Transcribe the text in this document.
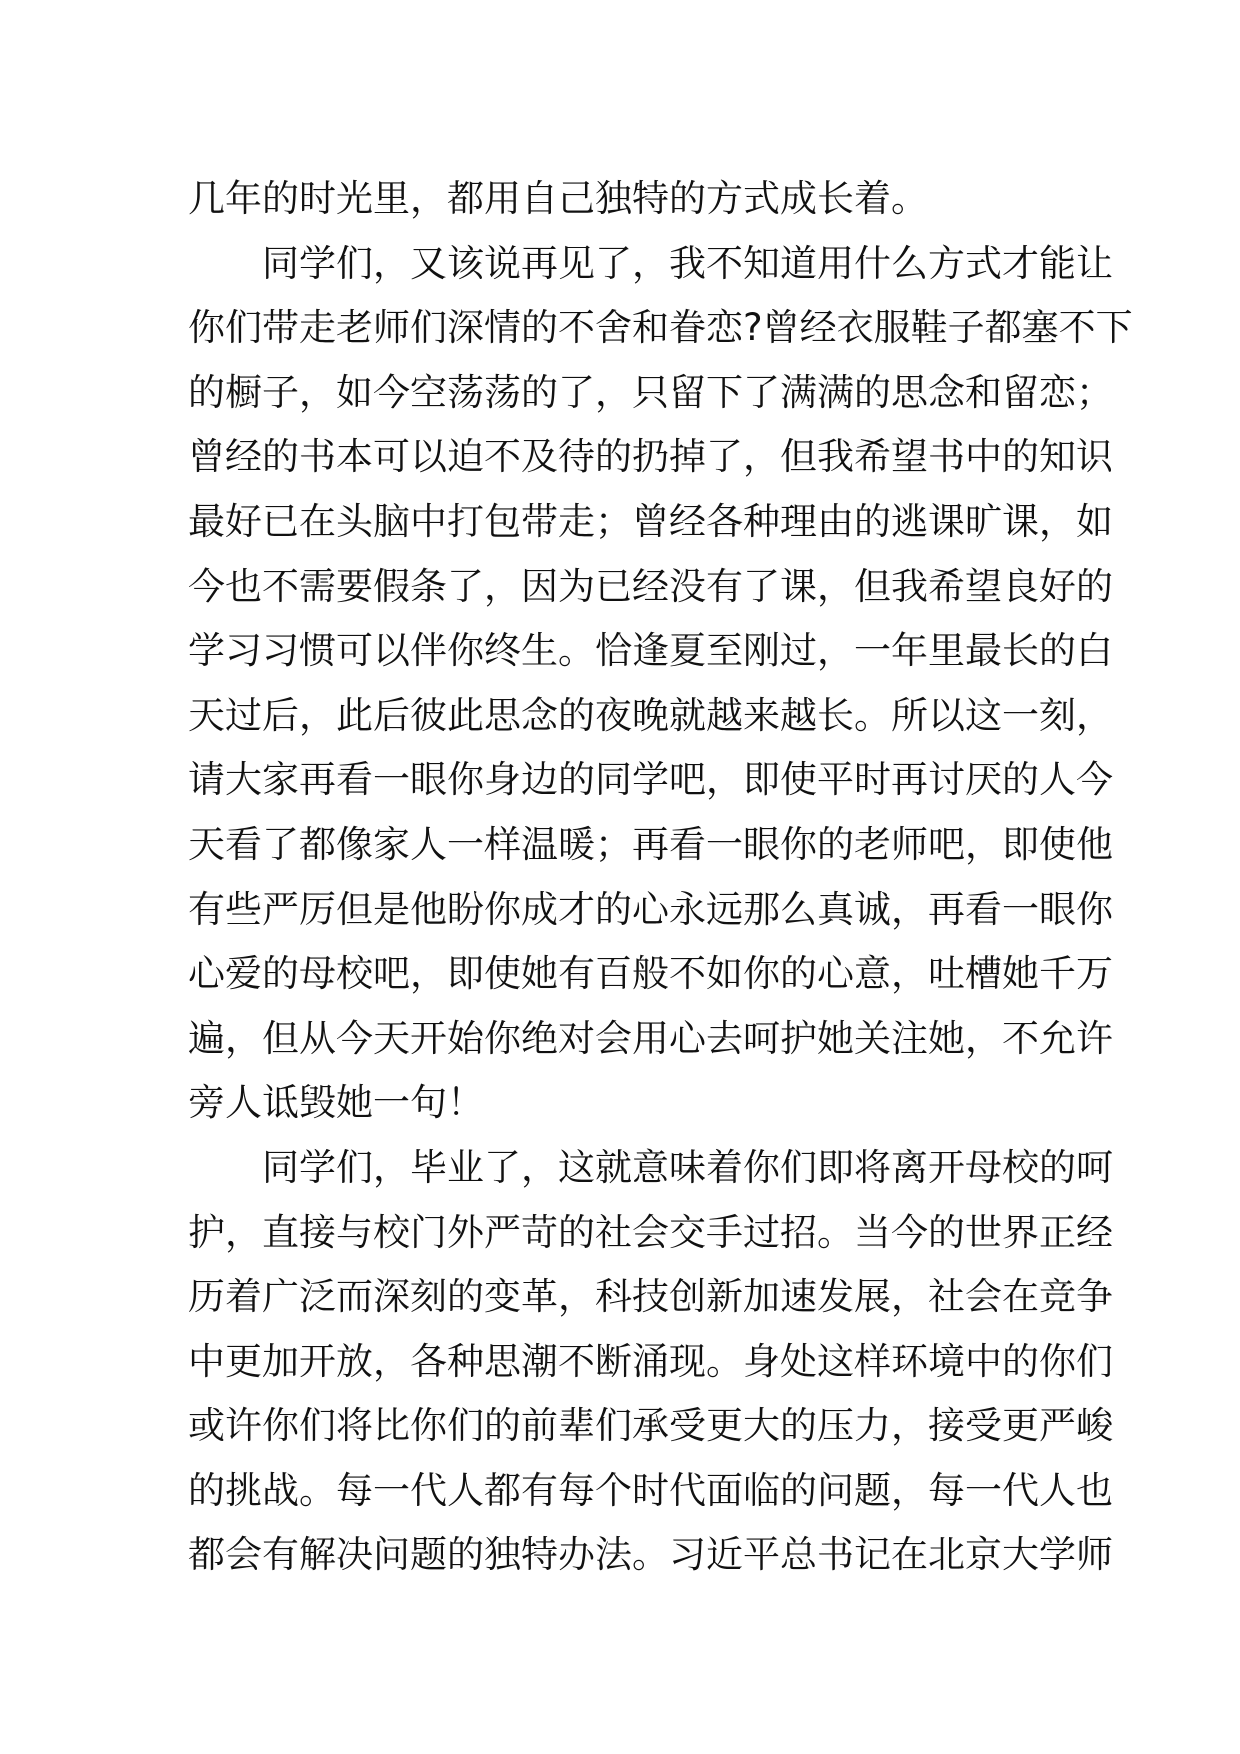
几年的时光里，都用自己独特的方式成长着。
同学们，又该说再见了，我不知道用什么方式才能让
你们带走老师们深情的不舍和眷恋?曾经衣服鞋子都塞不下
的橱子，如今空荡荡的了，只留下了满满的思念和留恋；
曾经的书本可以迫不及待的扔掉了，但我希望书中的知识
最好已在头脑中打包带走；曾经各种理由的逃课旷课，如
今也不需要假条了，因为已经没有了课，但我希望良好的
学习习惯可以伴你终生。恰逢夏至刚过，一年里最长的白
天过后，此后彼此思念的夜晚就越来越长。所以这一刻，
请大家再看一眼你身边的同学吧，即使平时再讨厌的人今
天看了都像家人一样温暖；再看一眼你的老师吧，即使他
有些严厉但是他盼你成才的心永远那么真诚，再看一眼你
心爱的母校吧，即使她有百般不如你的心意，吐槽她千万
遍，但从今天开始你绝对会用心去呵护她关注她，不允许
旁人诋毁她一句！
同学们，毕业了，这就意味着你们即将离开母校的呵
护，直接与校门外严苛的社会交手过招。当今的世界正经
历着广泛而深刻的变革，科技创新加速发展，社会在竞争
中更加开放，各种思潮不断涌现。身处这样环境中的你们
或许你们将比你们的前辈们承受更大的压力，接受更严峻
的挑战。每一代人都有每个时代面临的问题，每一代人也
都会有解决问题的独特办法。习近平总书记在北京大学师
